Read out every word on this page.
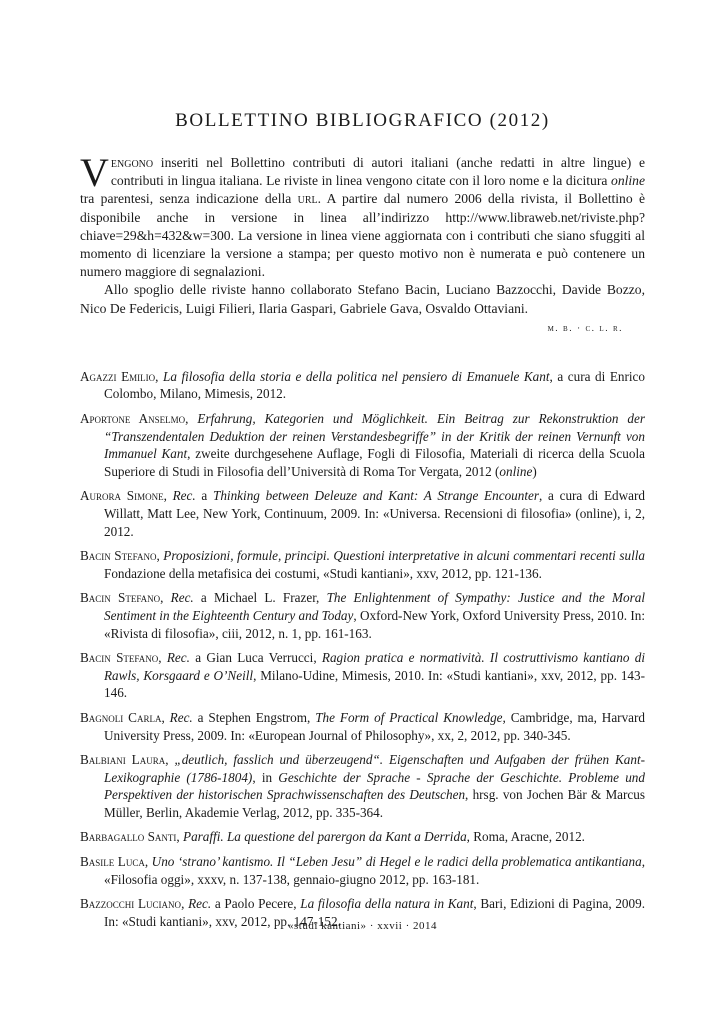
BOLLETTINO BIBLIOGRAFICO (2012)

Vengono inseriti nel Bollettino contributi di autori italiani (anche redatti in altre lingue) e contributi in lingua italiana. Le riviste in linea vengono citate con il loro nome e la dicitura online tra parentesi, senza indicazione della url. A partire dal numero 2006 della rivista, il Bollettino è disponibile anche in versione in linea all’indirizzo http://www.libraweb.net/riviste.php?chiave=29&h=432&w=300. La versione in linea viene aggiornata con i contributi che siano sfuggiti al momento di licenziare la versione a stampa; per questo motivo non è numerata e può contenere un numero maggiore di segnalazioni.

Allo spoglio delle riviste hanno collaborato Stefano Bacin, Luciano Bazzocchi, Davide Bozzo, Nico De Federicis, Luigi Filieri, Ilaria Gaspari, Gabriele Gava, Osvaldo Ottaviani.

m. b. · c. l. r.

Agazzi Emilio, La filosofia della storia e della politica nel pensiero di Emanuele Kant, a cura di Enrico Colombo, Milano, Mimesis, 2012.

Aportone Anselmo, Erfahrung, Kategorien und Möglichkeit. Ein Beitrag zur Rekonstruktion der “Transzendentalen Deduktion der reinen Verstandesbegriffe” in der Kritik der reinen Vernunft von Immanuel Kant, zweite durchgesehene Auflage, Fogli di Filosofia, Materiali di ricerca della Scuola Superiore di Studi in Filosofia dell’Università di Roma Tor Vergata, 2012 (online)

Aurora Simone, Rec. a Thinking between Deleuze and Kant: A Strange Encounter, a cura di Edward Willatt, Matt Lee, New York, Continuum, 2009. In: «Universa. Recensioni di filosofia» (online), i, 2, 2012.

Bacin Stefano, Proposizioni, formule, principi. Questioni interpretative in alcuni commentari recenti sulla Fondazione della metafisica dei costumi, «Studi kantiani», xxv, 2012, pp. 121-136.

Bacin Stefano, Rec. a Michael L. Frazer, The Enlightenment of Sympathy: Justice and the Moral Sentiment in the Eighteenth Century and Today, Oxford-New York, Oxford University Press, 2010. In: «Rivista di filosofia», ciii, 2012, n. 1, pp. 161-163.

Bacin Stefano, Rec. a Gian Luca Verrucci, Ragion pratica e normatività. Il costruttivismo kantiano di Rawls, Korsgaard e O’Neill, Milano-Udine, Mimesis, 2010. In: «Studi kantiani», xxv, 2012, pp. 143-146.

Bagnoli Carla, Rec. a Stephen Engstrom, The Form of Practical Knowledge, Cambridge, ma, Harvard University Press, 2009. In: «European Journal of Philosophy», xx, 2, 2012, pp. 340-345.

Balbiani Laura, „deutlich, fasslich und überzeugend“. Eigenschaften und Aufgaben der frühen Kant-Lexikographie (1786-1804), in Geschichte der Sprache - Sprache der Geschichte. Probleme und Perspektiven der historischen Sprachwissenschaften des Deutschen, hrsg. von Jochen Bär & Marcus Müller, Berlin, Akademie Verlag, 2012, pp. 335-364.

Barbagallo Santi, Paraffi. La questione del parergon da Kant a Derrida, Roma, Aracne, 2012.

Basile Luca, Uno ‘strano’ kantismo. Il “Leben Jesu” di Hegel e le radici della problematica antikantiana, «Filosofia oggi», xxxv, n. 137-138, gennaio-giugno 2012, pp. 163-181.

Bazzocchi Luciano, Rec. a Paolo Pecere, La filosofia della natura in Kant, Bari, Edizioni di Pagina, 2009. In: «Studi kantiani», xxv, 2012, pp. 147-152.

«studi kantiani» · xxvii · 2014
